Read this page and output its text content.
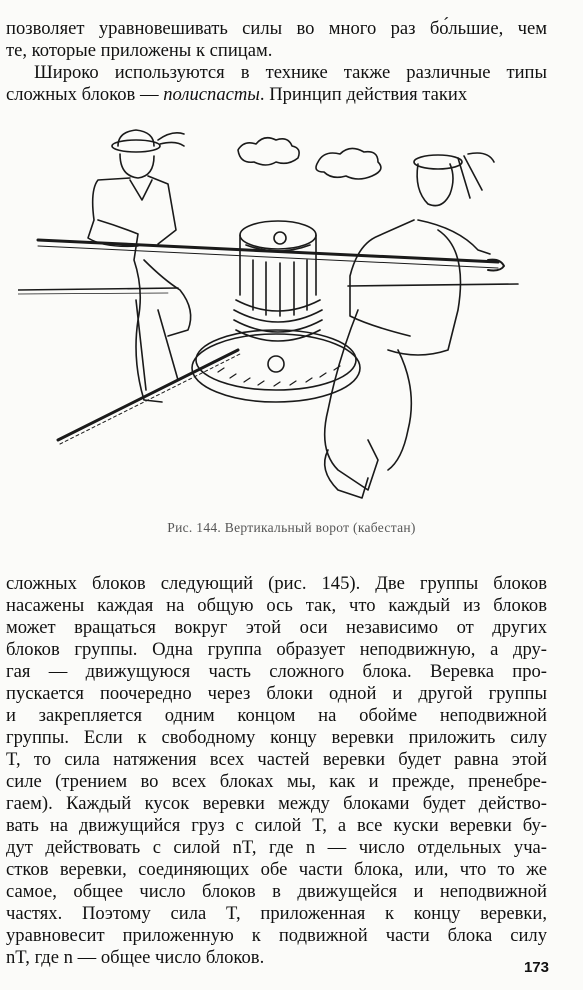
позволяет уравновешивать силы во много раз бо́льшие, чем
те, которые приложены к спицам.
Широко используются в технике также различные типы
сложных блоков — полиспасты. Принцип действия таких
Рис. 144. Вертикальный ворот (кабестан)
сложных блоков следующий (рис. 145). Две группы блоков
насажены каждая на общую ось так, что каждый из блоков
может вращаться вокруг этой оси независимо от других
блоков группы. Одна группа образует неподвижную, а дру-
гая — движущуюся часть сложного блока. Веревка про-
пускается поочередно через блоки одной и другой группы
и закрепляется одним концом на обойме неподвижной
группы. Если к свободному концу веревки приложить силу
T, то сила натяжения всех частей веревки будет равна этой
силе (трением во всех блоках мы, как и прежде, пренебре-
гаем). Каждый кусок веревки между блоками будет действо-
вать на движущийся груз с силой T, а все куски веревки бу-
дут действовать с силой nT, где n — число отдельных уча-
стков веревки, соединяющих обе части блока, или, что то же
самое, общее число блоков в движущейся и неподвижной
частях. Поэтому сила T, приложенная к концу веревки,
уравновесит приложенную к подвижной части блока силу
nT, где n — общее число блоков.	173
